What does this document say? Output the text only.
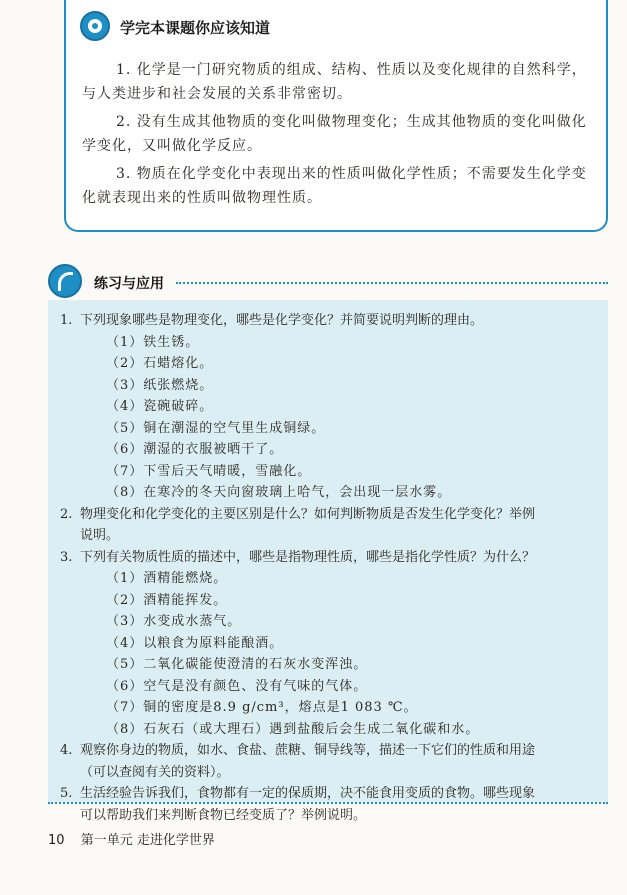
学完本课题你应该知道

1. 化学是一门研究物质的组成、结构、性质以及变化规律的自然科学，与人类进步和社会发展的关系非常密切。

2. 没有生成其他物质的变化叫做物理变化；生成其他物质的变化叫做化学变化，又叫做化学反应。

3. 物质在化学变化中表现出来的性质叫做化学性质；不需要发生化学变化就表现出来的性质叫做物理性质。

练习与应用
1. 下列现象哪些是物理变化，哪些是化学变化？并简要说明判断的理由。
（1）铁生锈。
（2）石蜡熔化。
（3）纸张燃烧。
（4）瓷碗破碎。
（5）铜在潮湿的空气里生成铜绿。
（6）潮湿的衣服被晒干了。
（7）下雪后天气晴暖，雪融化。
（8）在寒冷的冬天向窗玻璃上哈气，会出现一层水雾。
2. 物理变化和化学变化的主要区别是什么？如何判断物质是否发生化学变化？举例
说明。
3. 下列有关物质性质的描述中，哪些是指物理性质，哪些是指化学性质？为什么？
（1）酒精能燃烧。
（2）酒精能挥发。
（3）水变成水蒸气。
（4）以粮食为原料能酿酒。
（5）二氧化碳能使澄清的石灰水变浑浊。
（6）空气是没有颜色、没有气味的气体。
（7）铜的密度是8.9 g/cm³，熔点是1 083 ℃。
（8）石灰石（或大理石）遇到盐酸后会生成二氧化碳和水。
4. 观察你身边的物质，如水、食盐、蔗糖、铜导线等，描述一下它们的性质和用途
（可以查阅有关的资料）。
5. 生活经验告诉我们，食物都有一定的保质期，决不能食用变质的食物。哪些现象
可以帮助我们来判断食物已经变质了？举例说明。
10 第一单元 走进化学世界
